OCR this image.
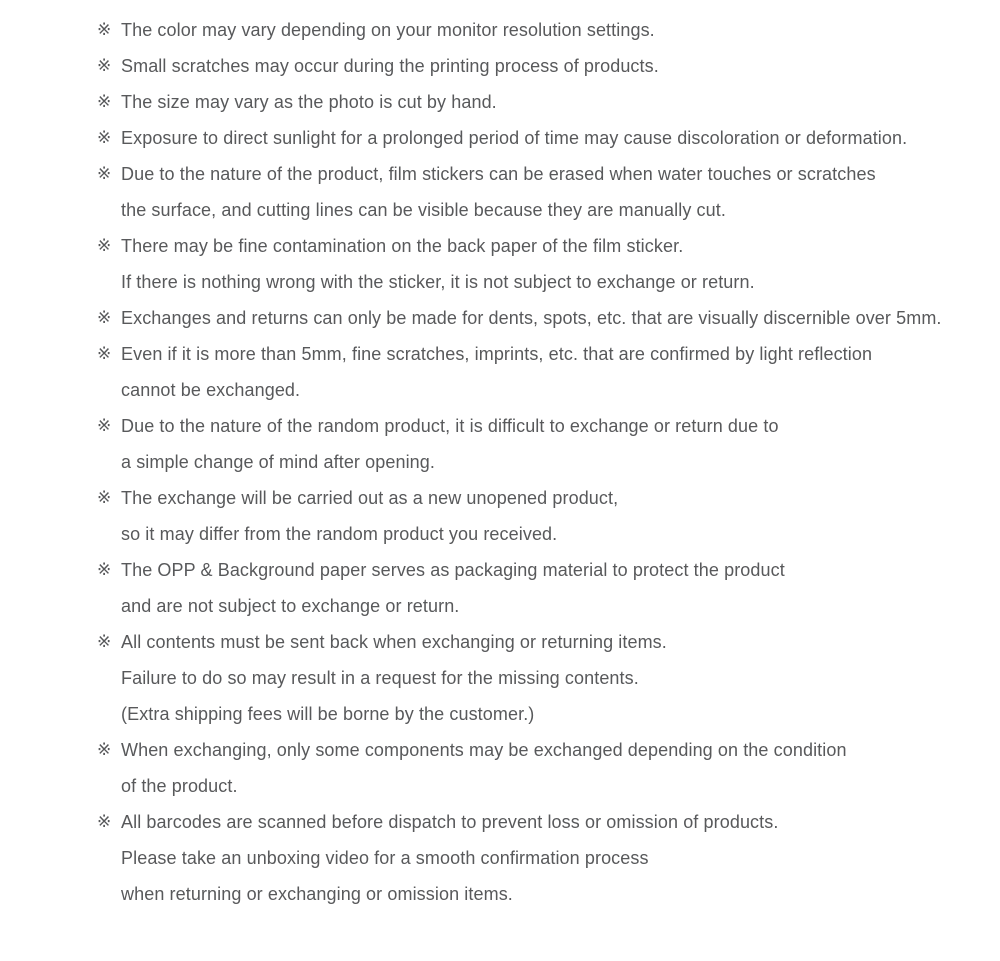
※ The color may vary depending on your monitor resolution settings.
※ Small scratches may occur during the printing process of products.
※ The size may vary as the photo is cut by hand.
※ Exposure to direct sunlight for a prolonged period of time may cause discoloration or deformation.
※ Due to the nature of the product, film stickers can be erased when water touches or scratches
the surface, and cutting lines can be visible because they are manually cut.
※ There may be fine contamination on the back paper of the film sticker.
If there is nothing wrong with the sticker, it is not subject to exchange or return.
※ Exchanges and returns can only be made for dents, spots, etc. that are visually discernible over 5mm.
※ Even if it is more than 5mm, fine scratches, imprints, etc. that are confirmed by light reflection
cannot be exchanged.
※ Due to the nature of the random product, it is difficult to exchange or return due to
a simple change of mind after opening.
※ The exchange will be carried out as a new unopened product,
so it may differ from the random product you received.
※ The OPP & Background paper serves as packaging material to protect the product
and are not subject to exchange or return.
※ All contents must be sent back when exchanging or returning items.
Failure to do so may result in a request for the missing contents.
(Extra shipping fees will be borne by the customer.)
※ When exchanging, only some components may be exchanged depending on the condition
of the product.
※ All barcodes are scanned before dispatch to prevent loss or omission of products.
Please take an unboxing video for a smooth confirmation process
when returning or exchanging or omission items.
